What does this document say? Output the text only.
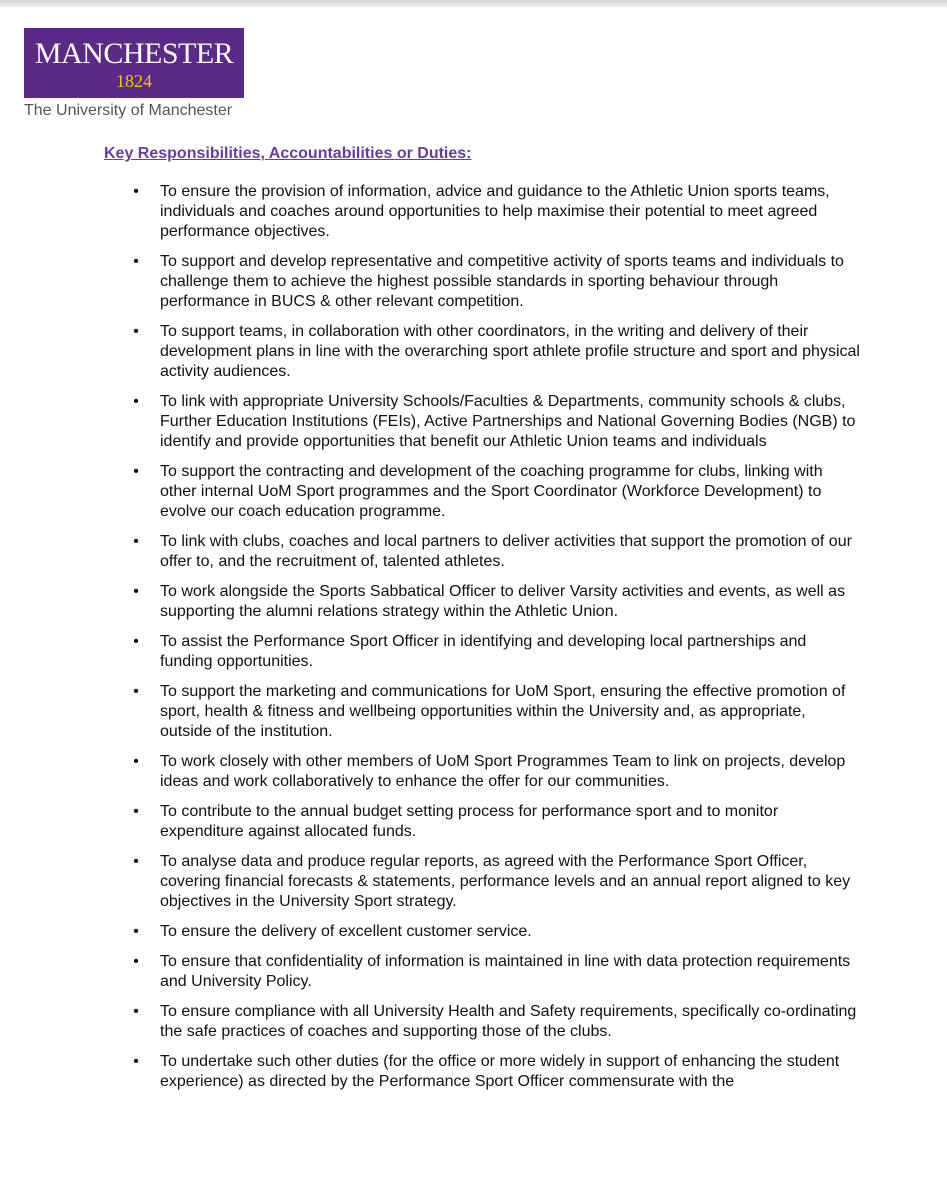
MANCHESTER
1824
The University of Manchester
Key Responsibilities, Accountabilities or Duties:
• To ensure the provision of information, advice and guidance to the Athletic Union sports teams, individuals and coaches around opportunities to help maximise their potential to meet agreed performance objectives.
• To support and develop representative and competitive activity of sports teams and individuals to challenge them to achieve the highest possible standards in sporting behaviour through performance in BUCS & other relevant competition.
• To support teams, in collaboration with other coordinators, in the writing and delivery of their development plans in line with the overarching sport athlete profile structure and sport and physical activity audiences.
• To link with appropriate University Schools/Faculties & Departments, community schools & clubs, Further Education Institutions (FEIs), Active Partnerships and National Governing Bodies (NGB) to identify and provide opportunities that benefit our Athletic Union teams and individuals
• To support the contracting and development of the coaching programme for clubs, linking with other internal UoM Sport programmes and the Sport Coordinator (Workforce Development) to evolve our coach education programme.
• To link with clubs, coaches and local partners to deliver activities that support the promotion of our offer to, and the recruitment of, talented athletes.
• To work alongside the Sports Sabbatical Officer to deliver Varsity activities and events, as well as supporting the alumni relations strategy within the Athletic Union.
• To assist the Performance Sport Officer in identifying and developing local partnerships and funding opportunities.
• To support the marketing and communications for UoM Sport, ensuring the effective promotion of sport, health & fitness and wellbeing opportunities within the University and, as appropriate, outside of the institution.
• To work closely with other members of UoM Sport Programmes Team to link on projects, develop ideas and work collaboratively to enhance the offer for our communities.
• To contribute to the annual budget setting process for performance sport and to monitor expenditure against allocated funds.
• To analyse data and produce regular reports, as agreed with the Performance Sport Officer, covering financial forecasts & statements, performance levels and an annual report aligned to key objectives in the University Sport strategy.
• To ensure the delivery of excellent customer service.
• To ensure that confidentiality of information is maintained in line with data protection requirements and University Policy.
• To ensure compliance with all University Health and Safety requirements, specifically co-ordinating the safe practices of coaches and supporting those of the clubs.
• To undertake such other duties (for the office or more widely in support of enhancing the student experience) as directed by the Performance Sport Officer commensurate with the
